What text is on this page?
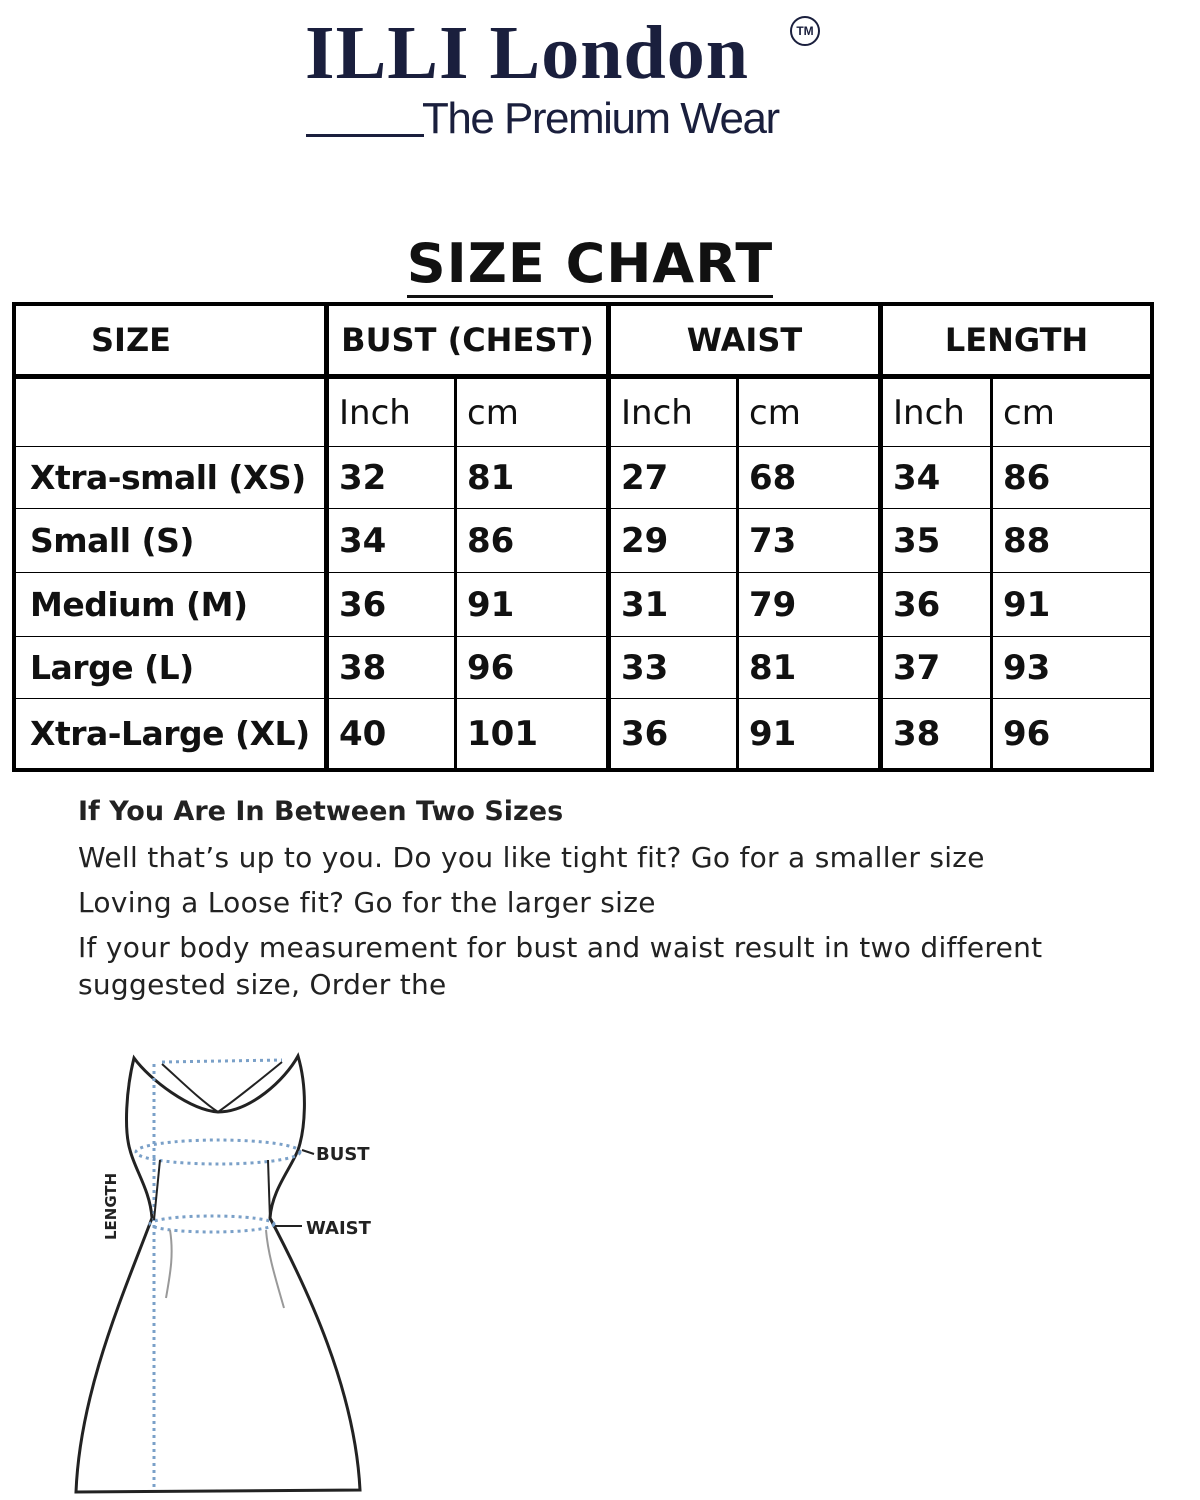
ILLI London	TM
The Premium Wear
SIZE CHART
SIZE	BUST (CHEST)	WAIST	LENGTH
Inch	cm	Inch	cm	Inch	cm
Xtra-small (XS) 32	81	27	68	34	86
Small (S)	34	86	29	73	35	88
Medium (M)	36	91	31	79	36	91
Large (L)	38	96	33	81	37	93
Xtra-Large (XL) 40	101	36	91	38	96
If You Are In Between Two Sizes
Well that’s up to you. Do you like tight fit? Go for a smaller size
Loving a Loose fit? Go for the larger size
If your body measurement for bust and waist result in two different
suggested size, Order the
BUST
WAIST
LENGTH
